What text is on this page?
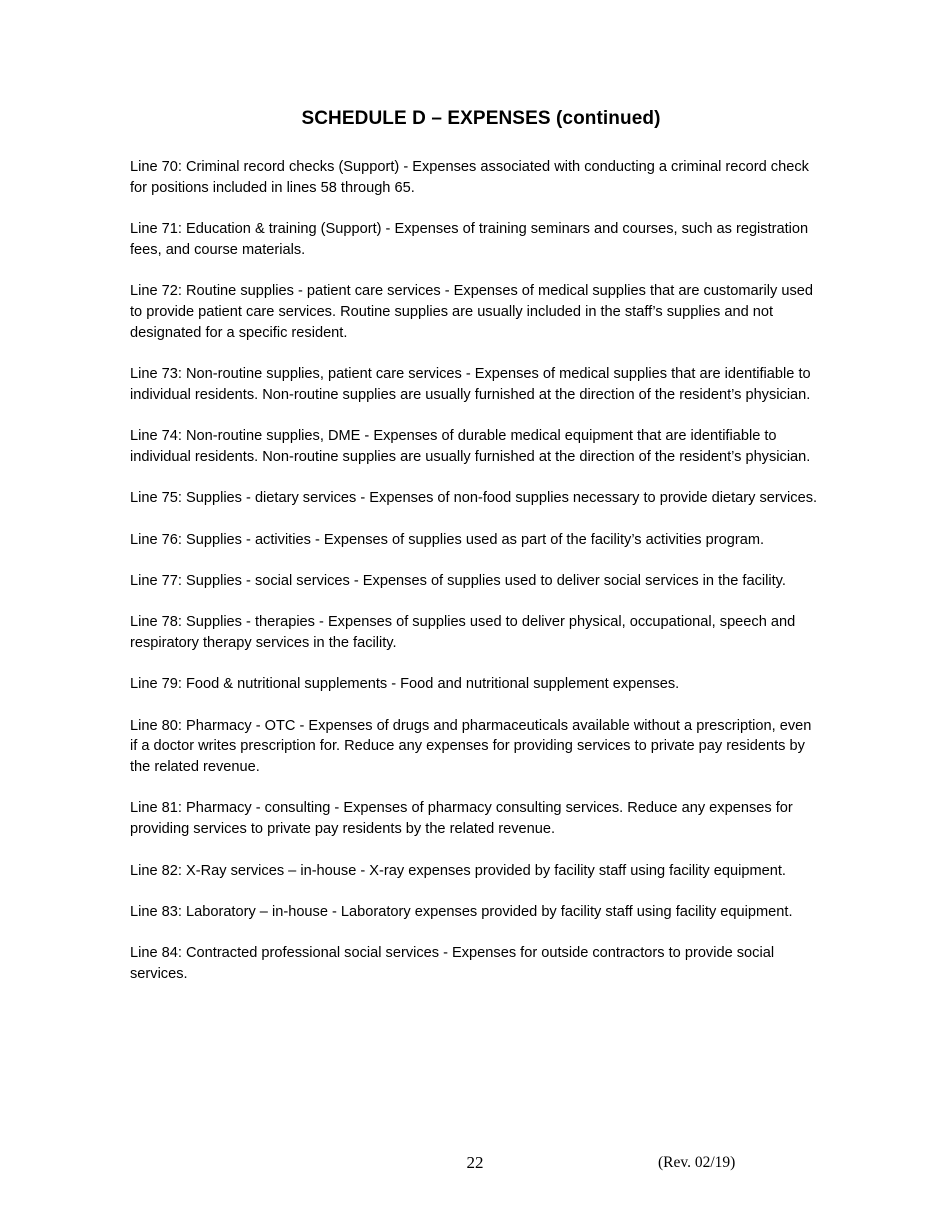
SCHEDULE D – EXPENSES (continued)

Line 70: Criminal record checks (Support) - Expenses associated with conducting a criminal record check for positions included in lines 58 through 65.

Line 71: Education & training (Support) - Expenses of training seminars and courses, such as registration fees, and course materials.

Line 72: Routine supplies - patient care services - Expenses of medical supplies that are customarily used to provide patient care services. Routine supplies are usually included in the staff’s supplies and not designated for a specific resident.

Line 73: Non-routine supplies, patient care services - Expenses of medical supplies that are identifiable to individual residents. Non-routine supplies are usually furnished at the direction of the resident’s physician.

Line 74: Non-routine supplies, DME - Expenses of durable medical equipment that are identifiable to individual residents. Non-routine supplies are usually furnished at the direction of the resident’s physician.

Line 75: Supplies - dietary services - Expenses of non-food supplies necessary to provide dietary services.

Line 76: Supplies - activities - Expenses of supplies used as part of the facility’s activities program.

Line 77: Supplies - social services - Expenses of supplies used to deliver social services in the facility.

Line 78: Supplies - therapies - Expenses of supplies used to deliver physical, occupational, speech and respiratory therapy services in the facility.

Line 79: Food & nutritional supplements - Food and nutritional supplement expenses.

Line 80: Pharmacy - OTC - Expenses of drugs and pharmaceuticals available without a prescription, even if a doctor writes prescription for. Reduce any expenses for providing services to private pay residents by the related revenue.

Line 81: Pharmacy - consulting - Expenses of pharmacy consulting services. Reduce any expenses for providing services to private pay residents by the related revenue.

Line 82: X-Ray services – in-house - X-ray expenses provided by facility staff using facility equipment.

Line 83: Laboratory – in-house - Laboratory expenses provided by facility staff using facility equipment.

Line 84: Contracted professional social services - Expenses for outside contractors to provide social services.

22	(Rev. 02/19)
